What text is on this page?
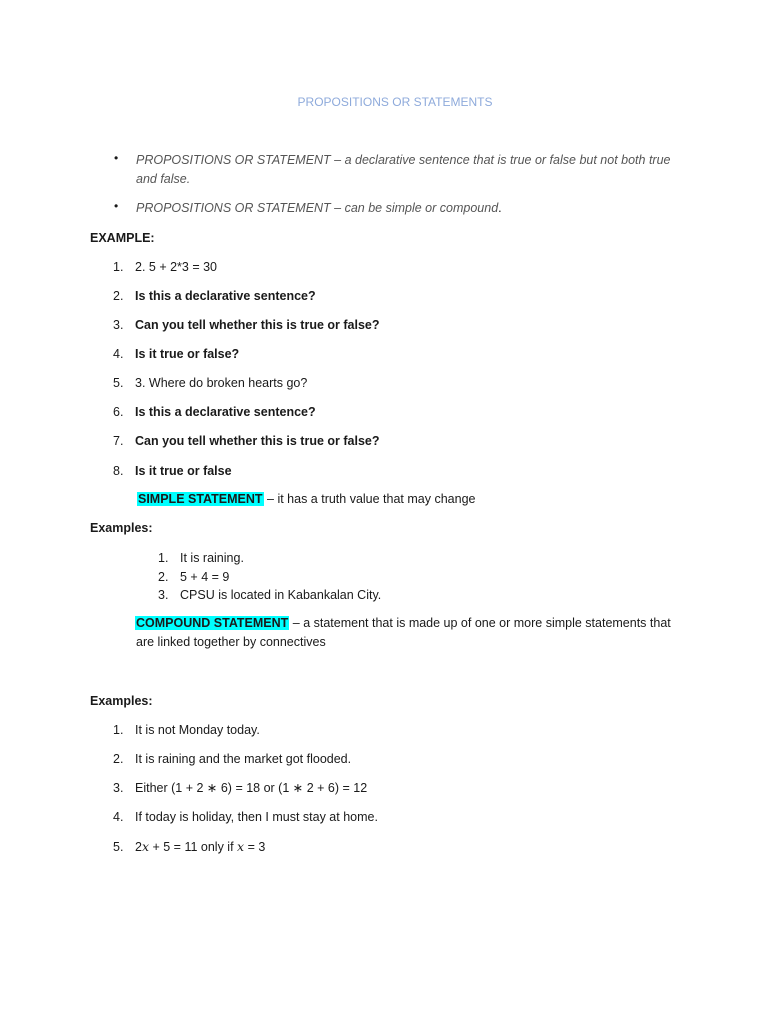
PROPOSITIONS OR STATEMENTS
• PROPOSITIONS OR STATEMENT – a declarative sentence that is true or false but not both true and false.
• PROPOSITIONS OR STATEMENT – can be simple or compound.
EXAMPLE:
1. 2. 5 + 2*3 = 30
2. Is this a declarative sentence?
3. Can you tell whether this is true or false?
4. Is it true or false?
5. 3. Where do broken hearts go?
6. Is this a declarative sentence?
7. Can you tell whether this is true or false?
8. Is it true or false
SIMPLE STATEMENT – it has a truth value that may change
Examples:
1. It is raining.
2. 5 + 4 = 9
3. CPSU is located in Kabankalan City.
COMPOUND STATEMENT – a statement that is made up of one or more simple statements that
are linked together by connectives
Examples:
1. It is not Monday today.
2. It is raining and the market got flooded.
3. Either (1 + 2 ∗ 6) = 18 or (1 ∗ 2 + 6) = 12
4. If today is holiday, then I must stay at home.
5. 2x + 5 = 11 only if x = 3
